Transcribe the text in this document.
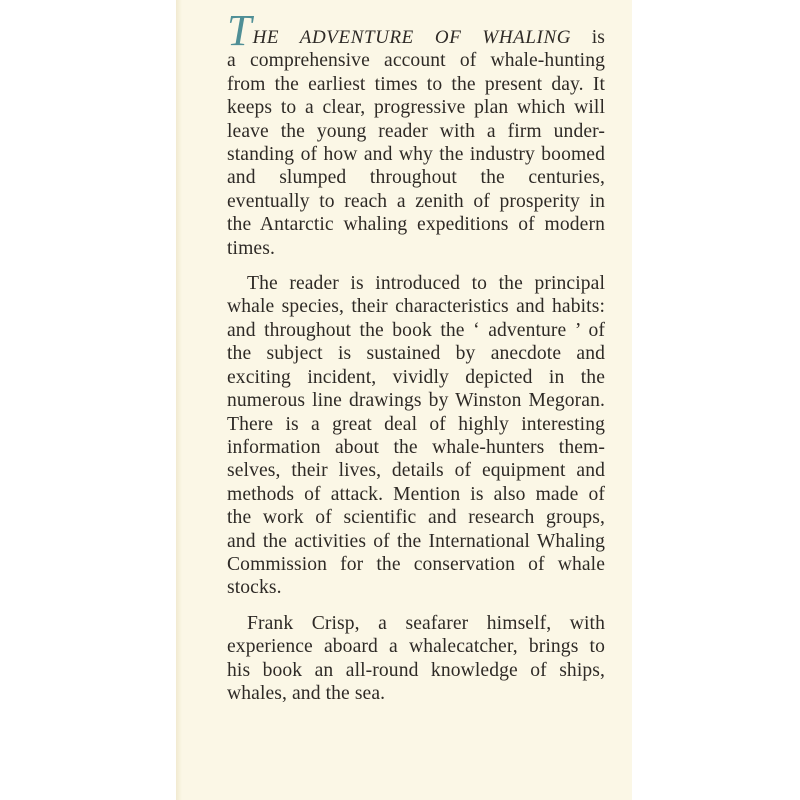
THE ADVENTURE OF WHALING is
a comprehensive account of whale-hunting
from the earliest times to the present day. It
keeps to a clear, progressive plan which will
leave the young reader with a firm under-
standing of how and why the industry boomed
and slumped throughout the centuries,
eventually to reach a zenith of prosperity in
the Antarctic whaling expeditions of modern
times.
The reader is introduced to the principal
whale species, their characteristics and habits:
and throughout the book the ‘ adventure ’ of
the subject is sustained by anecdote and
exciting incident, vividly depicted in the
numerous line drawings by Winston Megoran.
There is a great deal of highly interesting
information about the whale-hunters them-
selves, their lives, details of equipment and
methods of attack. Mention is also made of
the work of scientific and research groups,
and the activities of the International Whaling
Commission for the conservation of whale
stocks.
Frank Crisp, a seafarer himself, with
experience aboard a whalecatcher, brings to
his book an all-round knowledge of ships,
whales, and the sea.
